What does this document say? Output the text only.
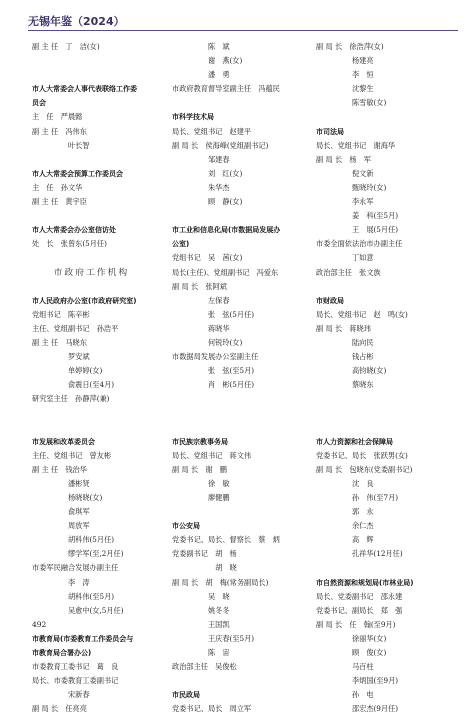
无锡年鉴（2024）
副 主 任　丁　洁(女)
市人大常委会人事代表联络工作委
员会
主　任　严晨懿
副 主 任　冯伟东
　　　　　叶长智
市人大常委会预算工作委员会
主　任　孙文华
副 主 任　黄宇臣
市人大常委会办公室信访处
处　长　张曾东(5月任)
　　市政府工作机构
市人民政府办公室(市政府研究室)
党组书记　陈辛彬
主任、党组副书记　孙浩平
副 主 任　马晓东
　　　　　罗安斌
　　　　　单婷婷(女)
　　　　　俞震日(至4月)
研究室主任　孙静萍(兼)
市发展和改革委员会
主任、党组书记　曾友彬
副 主 任　钱治华
　　　　　潘彬贤
　　　　　杨晓晓(女)
　　　　　俞琪军
　　　　　周放军
　　　　　胡科伟(5月任)
　　　　　缪学军(至,2月任)
市委军民融合发展办副主任
　　　　　李　涛
　　　　　胡科伟(至5月)
　　　　　吴愈中(女,5月任)
市教育局(市委教育工作委员会与
市教育局合署办公)
市委教育工委书记　葛　良
局长、市委教育工委副书记
　　　　　宋新春
副 局 长　任亮亮
　　　　　陈　斌
　　　　　谢　燕(女)
　　　　　潘　勇
市政府教育督导室副主任　冯蕴民
市科学技术局
局长、党组书记　赵建平
副 局 长　侯海峰(党组副书记)
　　　　　邹建春
　　　　　刘　红(女)
　　　　　朱华杰
　　　　　顾　静(女)
市工业和信息化局(市数据局发展办
公室)
党组书记　吴　茜(女)
局长(主任)、党组副书记　冯爱东
副 局 长　张阿斌
　　　　　左保春
　　　　　张　弦(5月任)
　　　　　蒋晓华
　　　　　何锐玲(女)
市数据局发展办公室副主任
　　　　　张　弦(至5月)
　　　　　肖　彬(5月任)
市民族宗教事务局
局长、党组书记　蒋文伟
副 局 长　谢　鹏
　　　　　徐　敏
　　　　　廖健鹏
市公安局
党委书记、局长、督察长　蔡　炳
党委副书记　胡　杨
　　　　　　胡　晓
副 局 长　胡　梅(常务副局长)
　　　　　吴　晓
　　　　　姚冬冬
　　　　　王国凯
　　　　　王庆春(至5月)
　　　　　陈　宙
政治部主任　吴俊松
市民政局
党委书记、局长　周立军
副 局 长　徐浩萍(女)
　　　　　杨建亮
　　　　　李　恒
　　　　　沈黎生
　　　　　陈雪敏(女)
市司法局
局长、党组书记　谢海华
副 局 长　杨　军
　　　　　倪文新
　　　　　甄晓玲(女)
　　　　　李永军
　　　　　姜　科(至5月)
　　　　　王　展(5月任)
市委全面依法治市办副主任
　　　　　丁如意
政治部主任　张文族
市财政局
局长、党组书记　赵　鸣(女)
副 局 长　蒋晓玮
　　　　　陆向民
　　　　　钱占彬
　　　　　高钧晓(女)
　　　　　蔡晓东
市人力资源和社会保障局
党委书记、局长　张跃男(女)
副 局 长　包晓东(党委副书记)
　　　　　沈　良
　　　　　孙　伟(至7月)
　　　　　郭　永
　　　　　余仁杰
　　　　　高　辉
　　　　　孔祥华(12月任)
市自然资源和规划局(市林业局)
局长、党委副书记　邵永建
党委书记、副局长　郑　强
副 局 长　任　翰(至9月)
　　　　　徐丽华(女)
　　　　　顾　俊(女)
　　　　　马百柱
　　　　　李炳国(至9月)
　　　　　孙　电
　　　　　邵宏杰(9月任)
492
